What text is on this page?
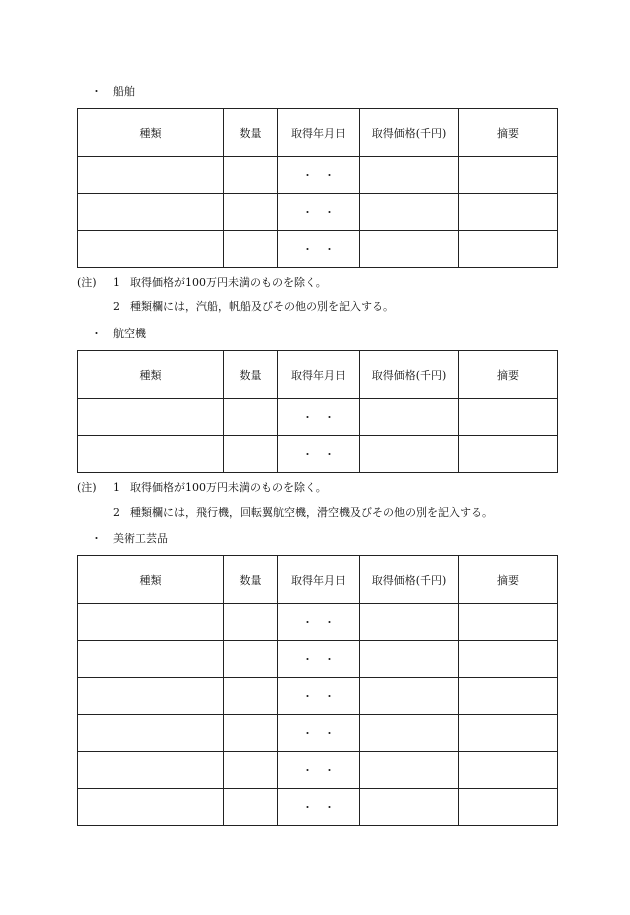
・ 船舶
種類	数量	取得年月日	取得価格(千円)	摘要
		・　・		
		・　・		
		・　・		
(注) 1 取得価格が100万円未満のものを除く。
2 種類欄には，汽船，帆船及びその他の別を記入する。
・ 航空機
種類	数量	取得年月日	取得価格(千円)	摘要
		・　・		
		・　・		
(注) 1 取得価格が100万円未満のものを除く。
2 種類欄には，飛行機，回転翼航空機，滑空機及びその他の別を記入する。
・ 美術工芸品
種類	数量	取得年月日	取得価格(千円)	摘要
		・　・		
		・　・		
		・　・		
		・　・		
		・　・		
		・　・		
